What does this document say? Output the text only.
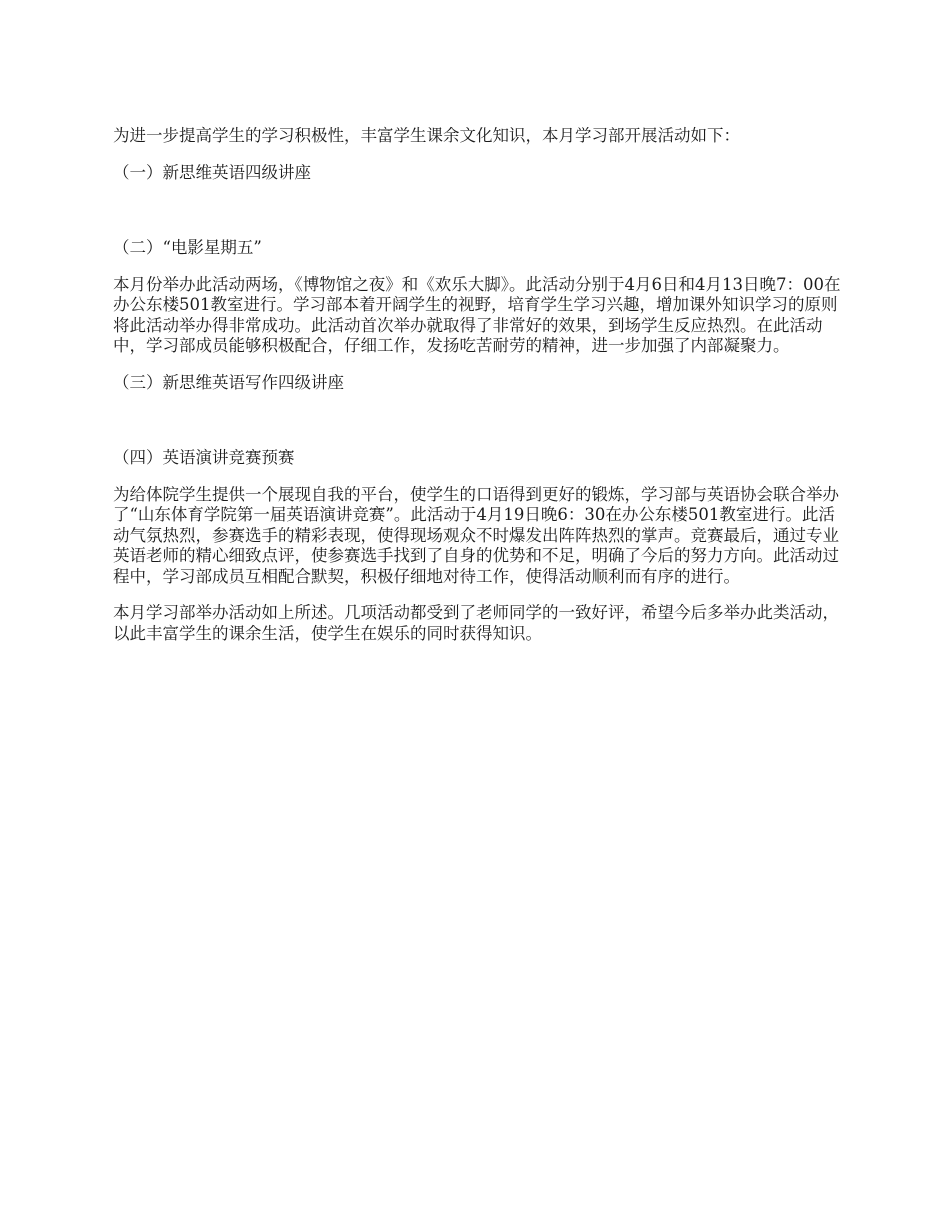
为进一步提高学生的学习积极性，丰富学生课余文化知识，本月学习部开展活动如下：

（一）新思维英语四级讲座

（二）“电影星期五”

本月份举办此活动两场，《博物馆之夜》和《欢乐大脚》。此活动分别于4月6日和4月13日晚7：00在办公东楼501教室进行。学习部本着开阔学生的视野，培育学生学习兴趣，增加课外知识学习的原则将此活动举办得非常成功。此活动首次举办就取得了非常好的效果，到场学生反应热烈。在此活动中，学习部成员能够积极配合，仔细工作，发扬吃苦耐劳的精神，进一步加强了内部凝聚力。

（三）新思维英语写作四级讲座

（四）英语演讲竞赛预赛

为给体院学生提供一个展现自我的平台，使学生的口语得到更好的锻炼，学习部与英语协会联合举办了“山东体育学院第一届英语演讲竞赛”。此活动于4月19日晚6：30在办公东楼501教室进行。此活动气氛热烈，参赛选手的精彩表现，使得现场观众不时爆发出阵阵热烈的掌声。竞赛最后，通过专业英语老师的精心细致点评，使参赛选手找到了自身的优势和不足，明确了今后的努力方向。此活动过程中，学习部成员互相配合默契，积极仔细地对待工作，使得活动顺利而有序的进行。

本月学习部举办活动如上所述。几项活动都受到了老师同学的一致好评，希望今后多举办此类活动，以此丰富学生的课余生活，使学生在娱乐的同时获得知识。
